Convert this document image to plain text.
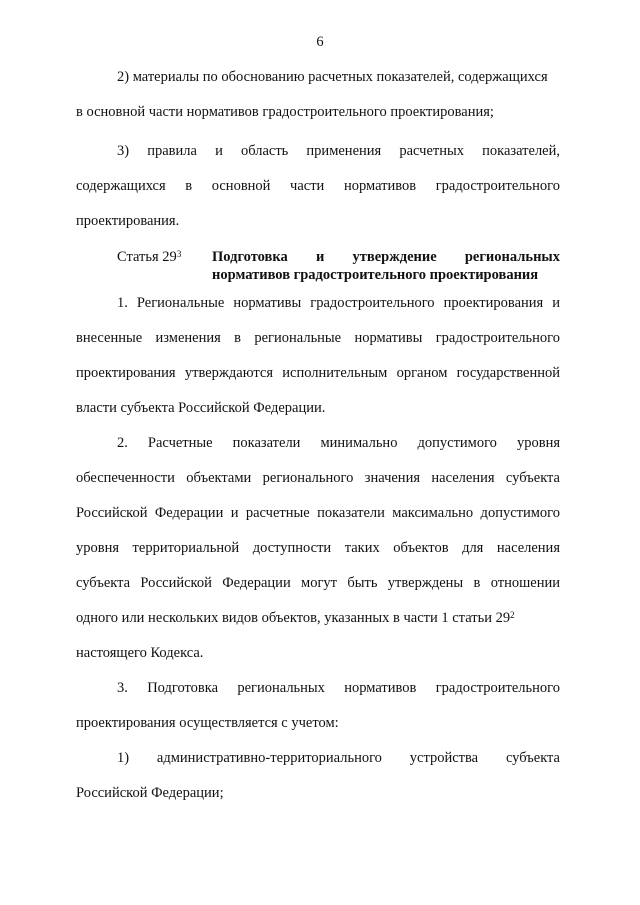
6
2) материалы по обоснованию расчетных показателей, содержащихся
в основной части нормативов градостроительного проектирования;
3) правила и область применения расчетных показателей,
содержащихся в основной части нормативов градостроительного
проектирования.
Статья $29^3$ Подготовка и утверждение региональных
нормативов градостроительного проектирования
1. Региональные нормативы градостроительного проектирования и
внесенные изменения в региональные нормативы градостроительного
проектирования утверждаются исполнительным органом государственной
власти субъекта Российской Федерации.
2. Расчетные показатели минимально допустимого уровня
обеспеченности объектами регионального значения населения субъекта
Российской Федерации и расчетные показатели максимально допустимого
уровня территориальной доступности таких объектов для населения
субъекта Российской Федерации могут быть утверждены в отношении
одного или нескольких видов объектов, указанных в части 1 статьи $29^2$
настоящего Кодекса.
3. Подготовка региональных нормативов градостроительного
проектирования осуществляется с учетом:
1) административно-территориального устройства субъекта
Российской Федерации;
